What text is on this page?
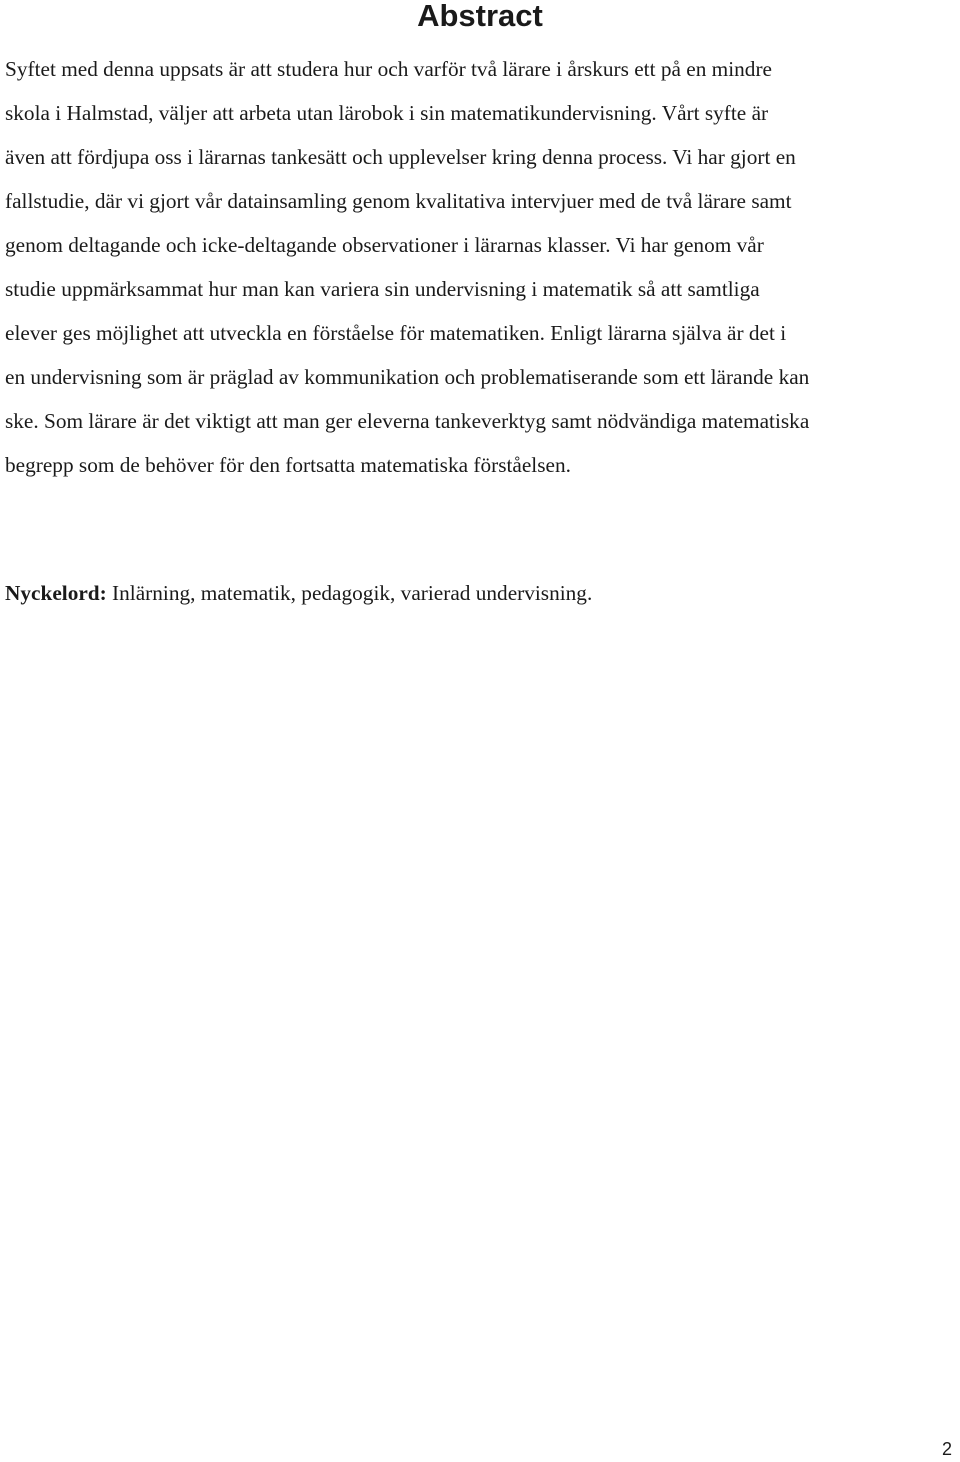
Abstract

Syftet med denna uppsats är att studera hur och varför två lärare i årskurs ett på en mindre
skola i Halmstad, väljer att arbeta utan lärobok i sin matematikundervisning. Vårt syfte är
även att fördjupa oss i lärarnas tankesätt och upplevelser kring denna process. Vi har gjort en
fallstudie, där vi gjort vår datainsamling genom kvalitativa intervjuer med de två lärare samt
genom deltagande och icke-deltagande observationer i lärarnas klasser. Vi har genom vår
studie uppmärksammat hur man kan variera sin undervisning i matematik så att samtliga
elever ges möjlighet att utveckla en förståelse för matematiken. Enligt lärarna själva är det i
en undervisning som är präglad av kommunikation och problematiserande som ett lärande kan
ske. Som lärare är det viktigt att man ger eleverna tankeverktyg samt nödvändiga matematiska
begrepp som de behöver för den fortsatta matematiska förståelsen.

Nyckelord: Inlärning, matematik, pedagogik, varierad undervisning.

2
